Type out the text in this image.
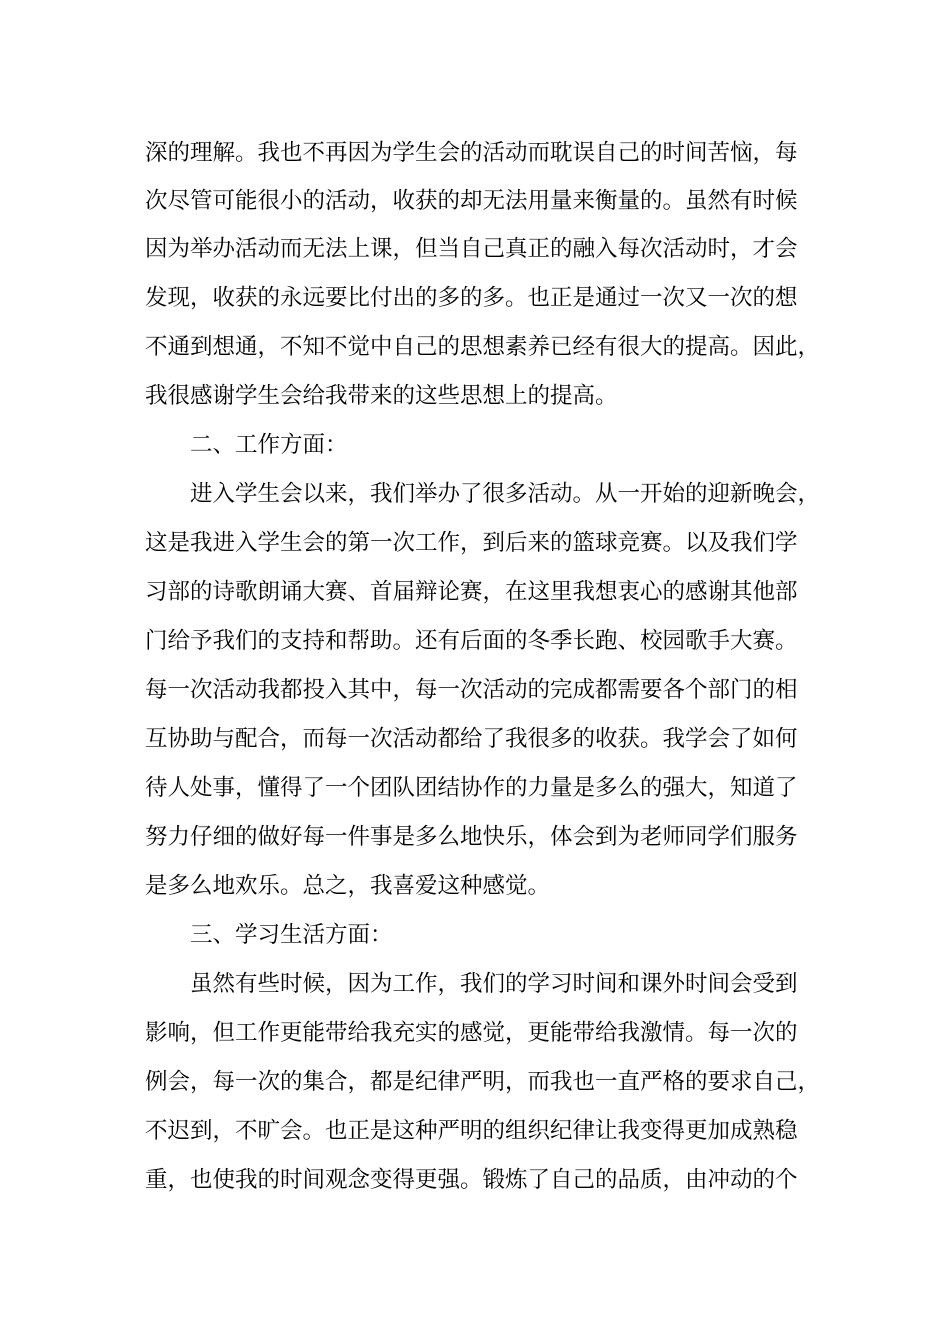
深的理解。我也不再因为学生会的活动而耽误自己的时间苦恼，每
次尽管可能很小的活动，收获的却无法用量来衡量的。虽然有时候
因为举办活动而无法上课，但当自己真正的融入每次活动时，才会
发现，收获的永远要比付出的多的多。也正是通过一次又一次的想
不通到想通，不知不觉中自己的思想素养已经有很大的提高。因此，
我很感谢学生会给我带来的这些思想上的提高。
二、工作方面：
进入学生会以来，我们举办了很多活动。从一开始的迎新晚会，
这是我进入学生会的第一次工作，到后来的篮球竞赛。以及我们学
习部的诗歌朗诵大赛、首届辩论赛，在这里我想衷心的感谢其他部
门给予我们的支持和帮助。还有后面的冬季长跑、校园歌手大赛。
每一次活动我都投入其中，每一次活动的完成都需要各个部门的相
互协助与配合，而每一次活动都给了我很多的收获。我学会了如何
待人处事，懂得了一个团队团结协作的力量是多么的强大，知道了
努力仔细的做好每一件事是多么地快乐，体会到为老师同学们服务
是多么地欢乐。总之，我喜爱这种感觉。
三、学习生活方面：
虽然有些时候，因为工作，我们的学习时间和课外时间会受到
影响，但工作更能带给我充实的感觉，更能带给我激情。每一次的
例会，每一次的集合，都是纪律严明，而我也一直严格的要求自己，
不迟到，不旷会。也正是这种严明的组织纪律让我变得更加成熟稳
重，也使我的时间观念变得更强。锻炼了自己的品质，由冲动的个
